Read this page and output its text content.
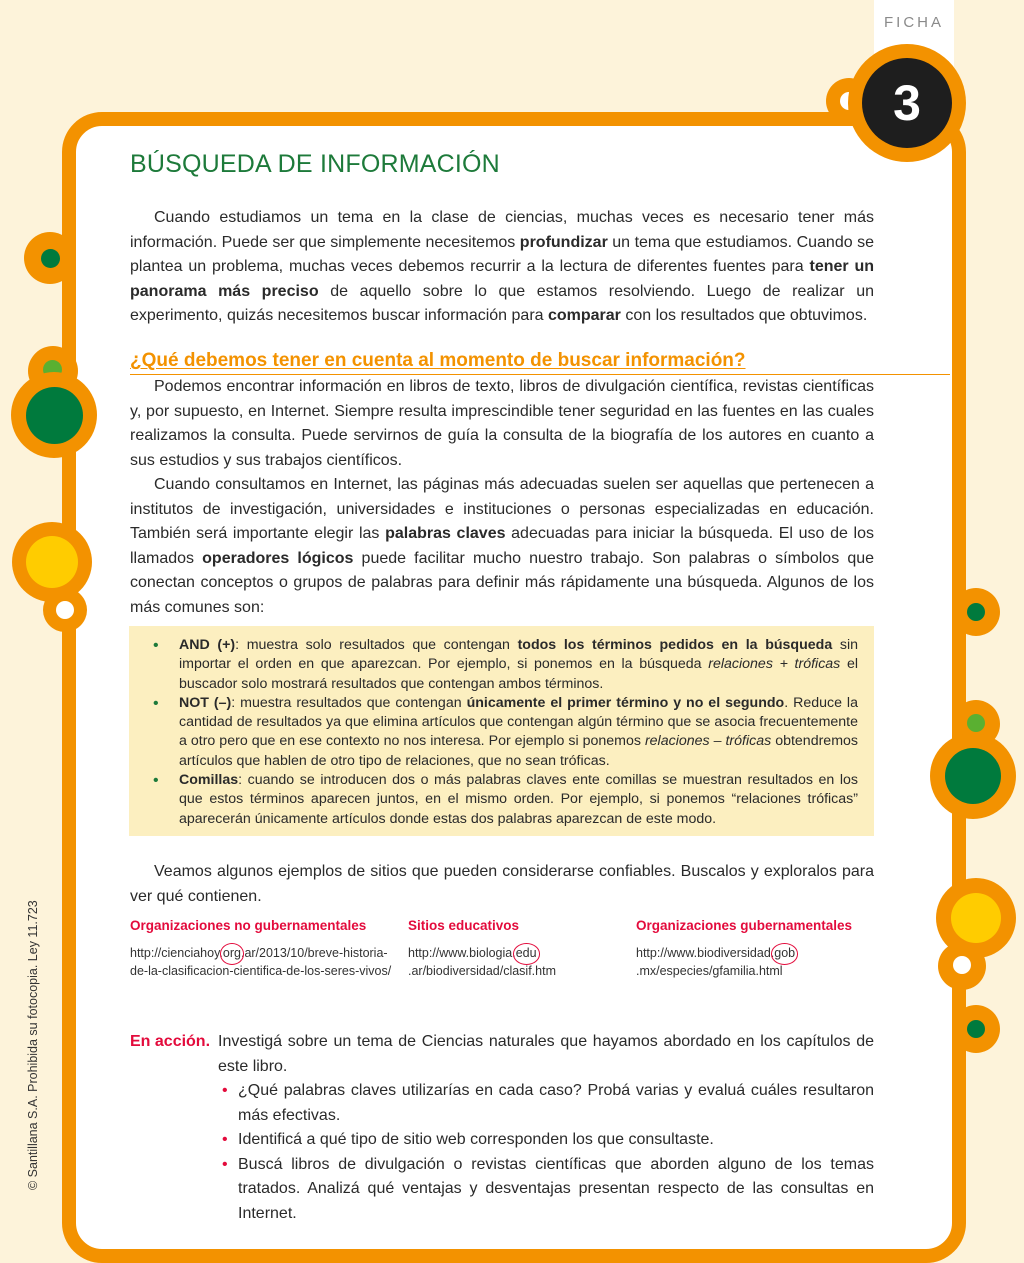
FICHA
3
BÚSQUEDA DE INFORMACIÓN

Cuando estudiamos un tema en la clase de ciencias, muchas veces es necesario tener más información. Puede ser que simplemente necesitemos profundizar un tema que estudiamos. Cuando se plantea un problema, muchas veces debemos recurrir a la lectura de diferentes fuentes para tener un panorama más preciso de aquello sobre lo que estamos resolviendo. Luego de realizar un experimento, quizás necesitemos buscar información para comparar con los resultados que obtuvimos.

¿Qué debemos tener en cuenta al momento de buscar información?

Podemos encontrar información en libros de texto, libros de divulgación científica, revistas científicas y, por supuesto, en Internet. Siempre resulta imprescindible tener seguridad en las fuentes en las cuales realizamos la consulta. Puede servirnos de guía la consulta de la biografía de los autores en cuanto a sus estudios y sus trabajos científicos.

Cuando consultamos en Internet, las páginas más adecuadas suelen ser aquellas que pertenecen a institutos de investigación, universidades e instituciones o personas especializadas en educación. También será importante elegir las palabras claves adecuadas para iniciar la búsqueda. El uso de los llamados operadores lógicos puede facilitar mucho nuestro trabajo. Son palabras o símbolos que conectan conceptos o grupos de palabras para definir más rápidamente una búsqueda. Algunos de los más comunes son:

• AND (+): muestra solo resultados que contengan todos los términos pedidos en la búsqueda sin importar el orden en que aparezcan. Por ejemplo, si ponemos en la búsqueda relaciones + tróficas el buscador solo mostrará resultados que contengan ambos términos.
• NOT (–): muestra resultados que contengan únicamente el primer término y no el segundo. Reduce la cantidad de resultados ya que elimina artículos que contengan algún término que se asocia frecuentemente a otro pero que en ese contexto no nos interesa. Por ejemplo si ponemos relaciones – tróficas obtendremos artículos que hablen de otro tipo de relaciones, que no sean tróficas.
• Comillas: cuando se introducen dos o más palabras claves ente comillas se muestran resultados en los que estos términos aparecen juntos, en el mismo orden. Por ejemplo, si ponemos “relaciones tróficas” aparecerán únicamente artículos donde estas dos palabras aparezcan de este modo.

Veamos algunos ejemplos de sitios que pueden considerarse confiables. Buscalos y exploralos para ver qué contienen.

Organizaciones no gubernamentales

http://cienciahoy.org.ar/2013/10/breve-historia-de-la-clasificacion-cientifica-de-los-seres-vivos/

Sitios educativos

http://www.biologia.edu.ar/biodiversidad/clasif.htm

Organizaciones gubernamentales

http://www.biodiversidad.gob.mx/especies/gfamilia.html

En acción. Investigá sobre un tema de Ciencias naturales que hayamos abordado en los capítulos de este libro.
• ¿Qué palabras claves utilizarías en cada caso? Probá varias y evaluá cuáles resultaron más efectivas.
• Identificá a qué tipo de sitio web corresponden los que consultaste.
• Buscá libros de divulgación o revistas científicas que aborden alguno de los temas tratados. Analizá qué ventajas y desventajas presentan respecto de las consultas en Internet.
© Santillana S.A. Prohibida su fotocopia. Ley 11.723
